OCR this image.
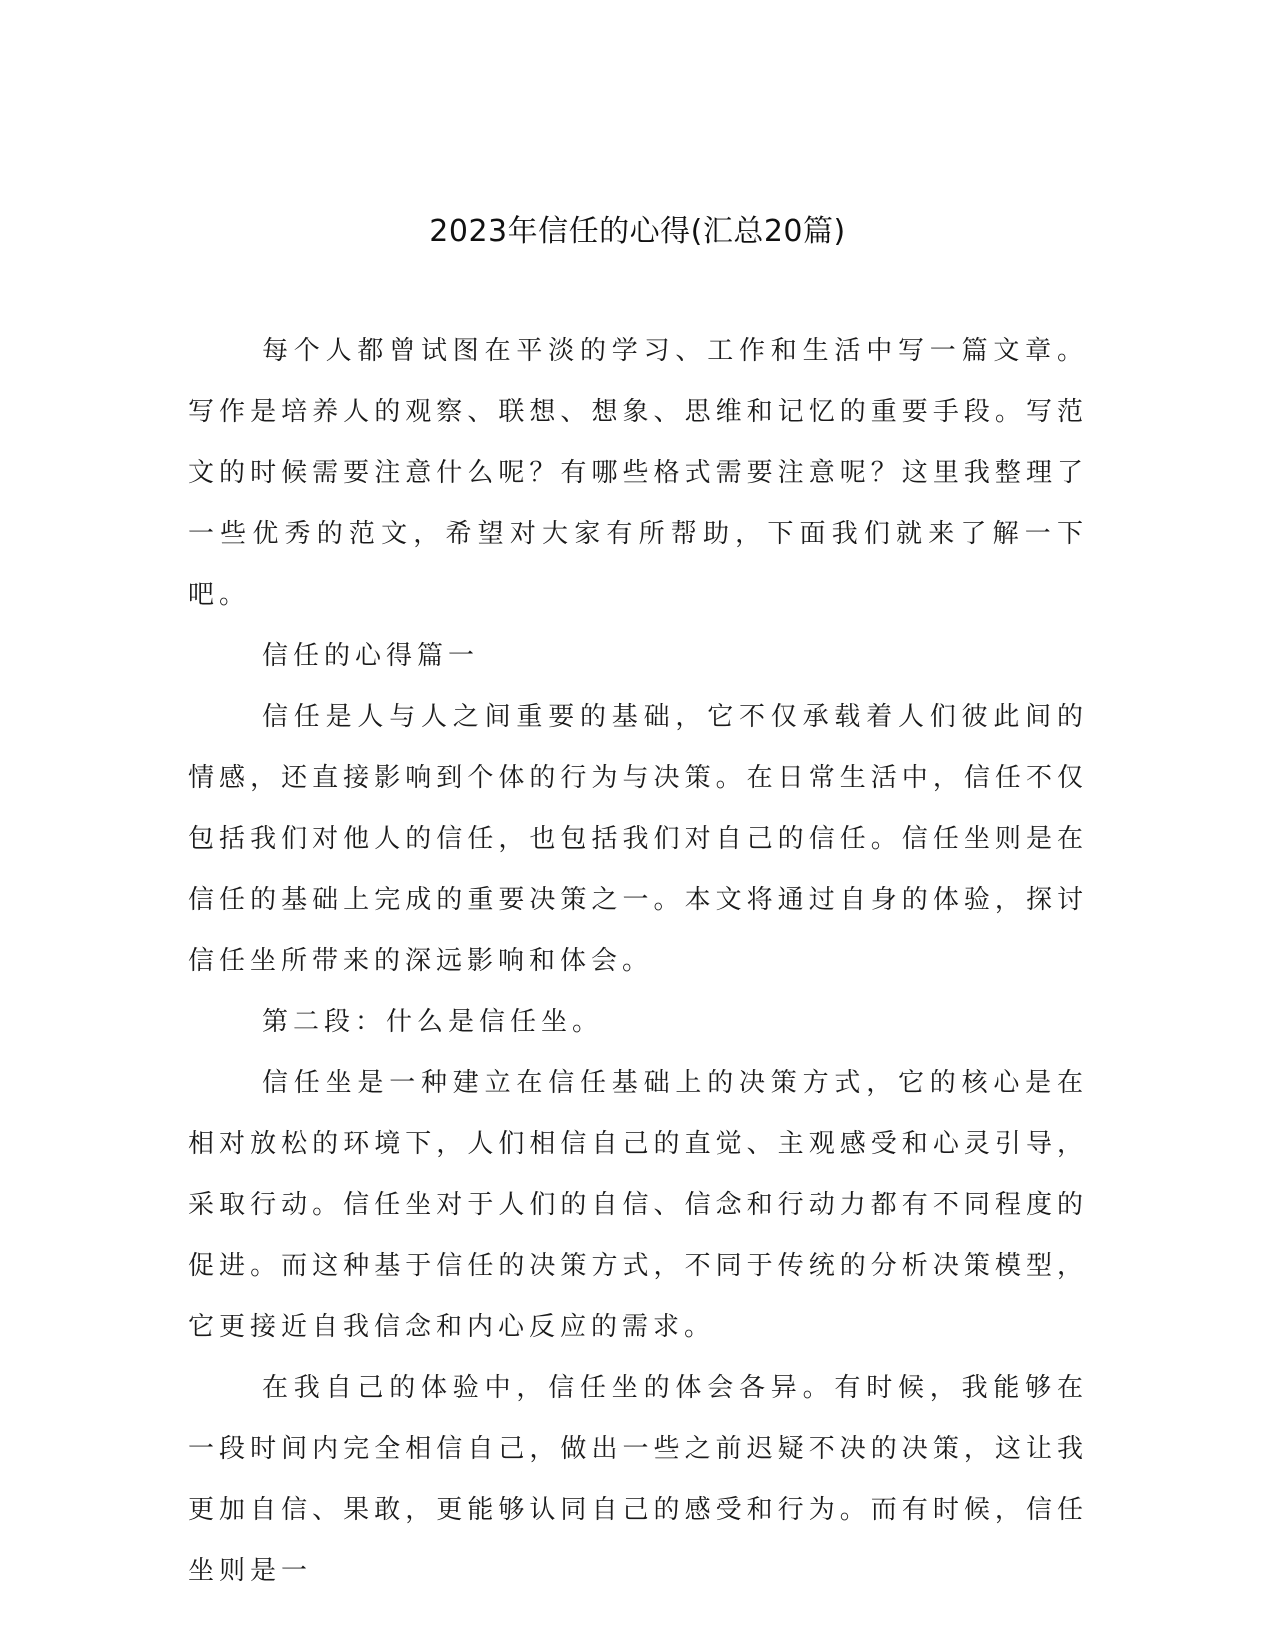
2023年信任的心得(汇总20篇)

每个人都曾试图在平淡的学习、工作和生活中写一篇文章。写作是培养人的观察、联想、想象、思维和记忆的重要手段。写范文的时候需要注意什么呢？有哪些格式需要注意呢？这里我整理了一些优秀的范文，希望对大家有所帮助，下面我们就来了解一下吧。

信任的心得篇一

信任是人与人之间重要的基础，它不仅承载着人们彼此间的情感，还直接影响到个体的行为与决策。在日常生活中，信任不仅包括我们对他人的信任，也包括我们对自己的信任。信任坐则是在信任的基础上完成的重要决策之一。本文将通过自身的体验，探讨信任坐所带来的深远影响和体会。

第二段：什么是信任坐。

信任坐是一种建立在信任基础上的决策方式，它的核心是在相对放松的环境下，人们相信自己的直觉、主观感受和心灵引导，采取行动。信任坐对于人们的自信、信念和行动力都有不同程度的促进。而这种基于信任的决策方式，不同于传统的分析决策模型，它更接近自我信念和内心反应的需求。

在我自己的体验中，信任坐的体会各异。有时候，我能够在一段时间内完全相信自己，做出一些之前迟疑不决的决策，这让我更加自信、果敢，更能够认同自己的感受和行为。而有时候，信任坐则是一
